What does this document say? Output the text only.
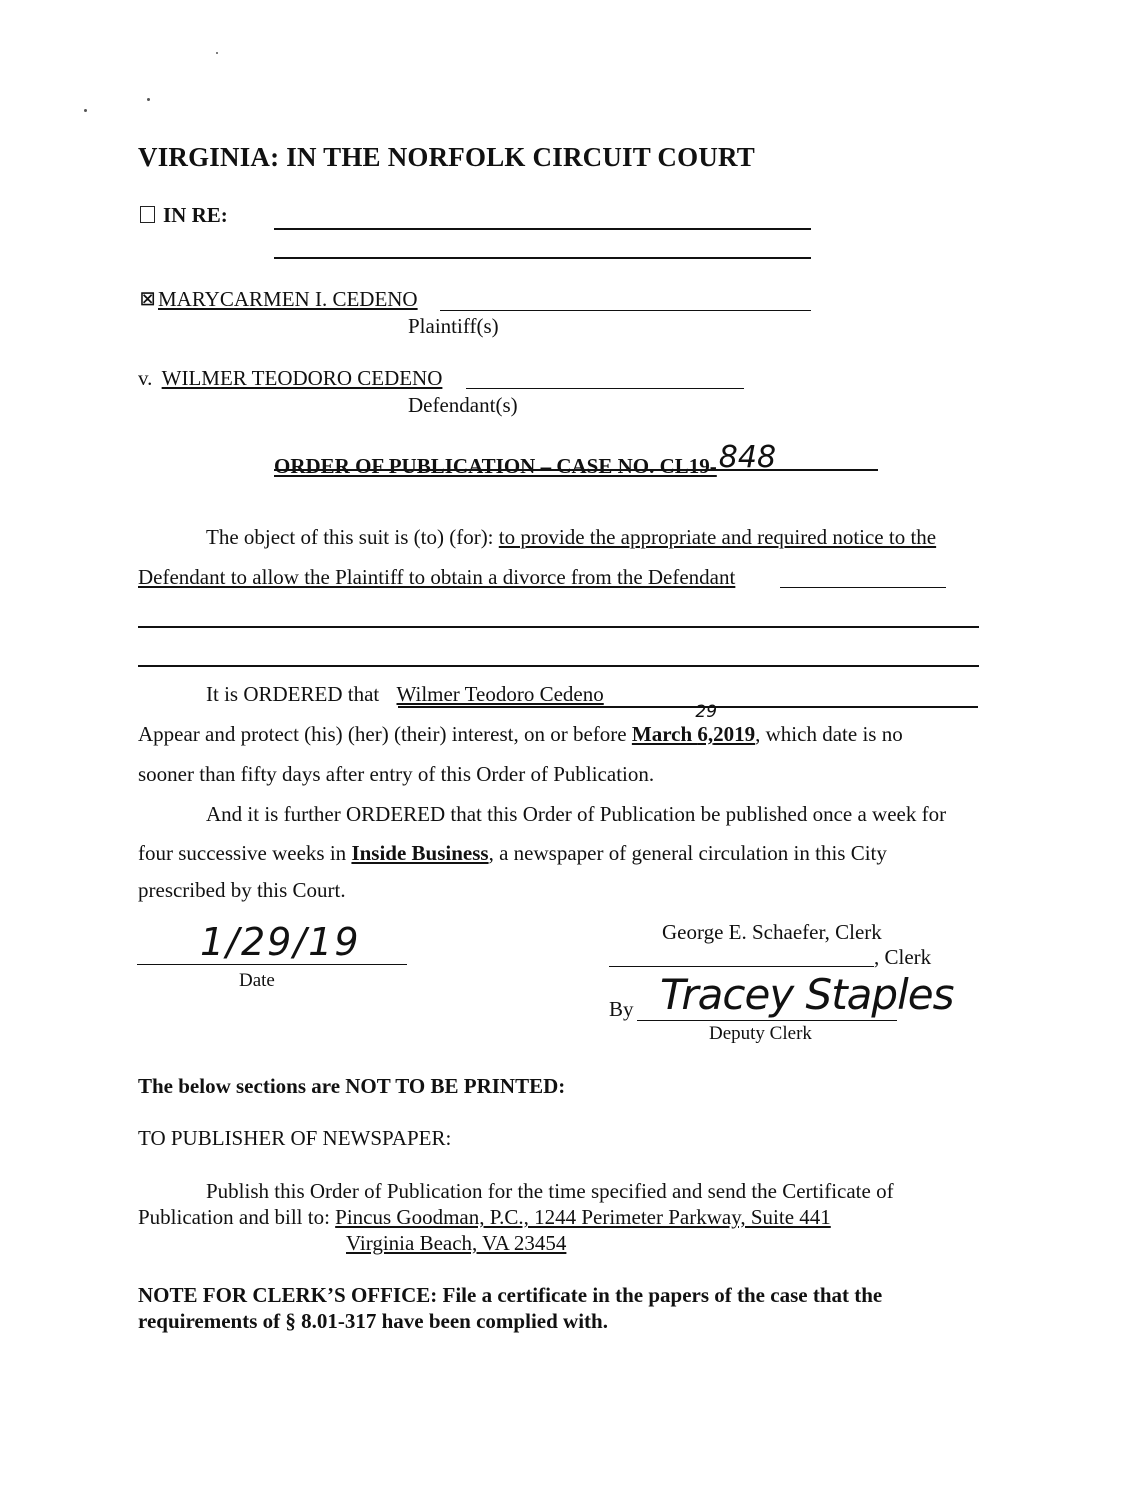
VIRGINIA: IN THE NORFOLK CIRCUIT COURT
IN RE:
☒ MARYCARMEN I. CEDENO
Plaintiff(s)
v. WILMER TEODORO CEDENO
Defendant(s)
ORDER OF PUBLICATION – CASE NO. CL19-848
The object of this suit is (to) (for): to provide the appropriate and required notice to the
Defendant to allow the Plaintiff to obtain a divorce from the Defendant
It is ORDERED that Wilmer Teodoro Cedeno
Appear and protect (his) (her) (their) interest, on or before March
29
6,2019, which date is no
sooner than fifty days after entry of this Order of Publication.
And it is further ORDERED that this Order of Publication be published once a week for
four successive weeks in Inside Business, a newspaper of general circulation in this City
prescribed by this Court.
1/29/19
Date
George E. Schaefer, Clerk
, Clerk
By
Deputy Clerk
Tracey Staples
The below sections are NOT TO BE PRINTED:
TO PUBLISHER OF NEWSPAPER:
Publish this Order of Publication for the time specified and send the Certificate of
Publication and bill to: Pincus Goodman, P.C., 1244 Perimeter Parkway, Suite 441
Virginia Beach, VA 23454
NOTE FOR CLERK’S OFFICE: File a certificate in the papers of the case that the
requirements of § 8.01-317 have been complied with.
